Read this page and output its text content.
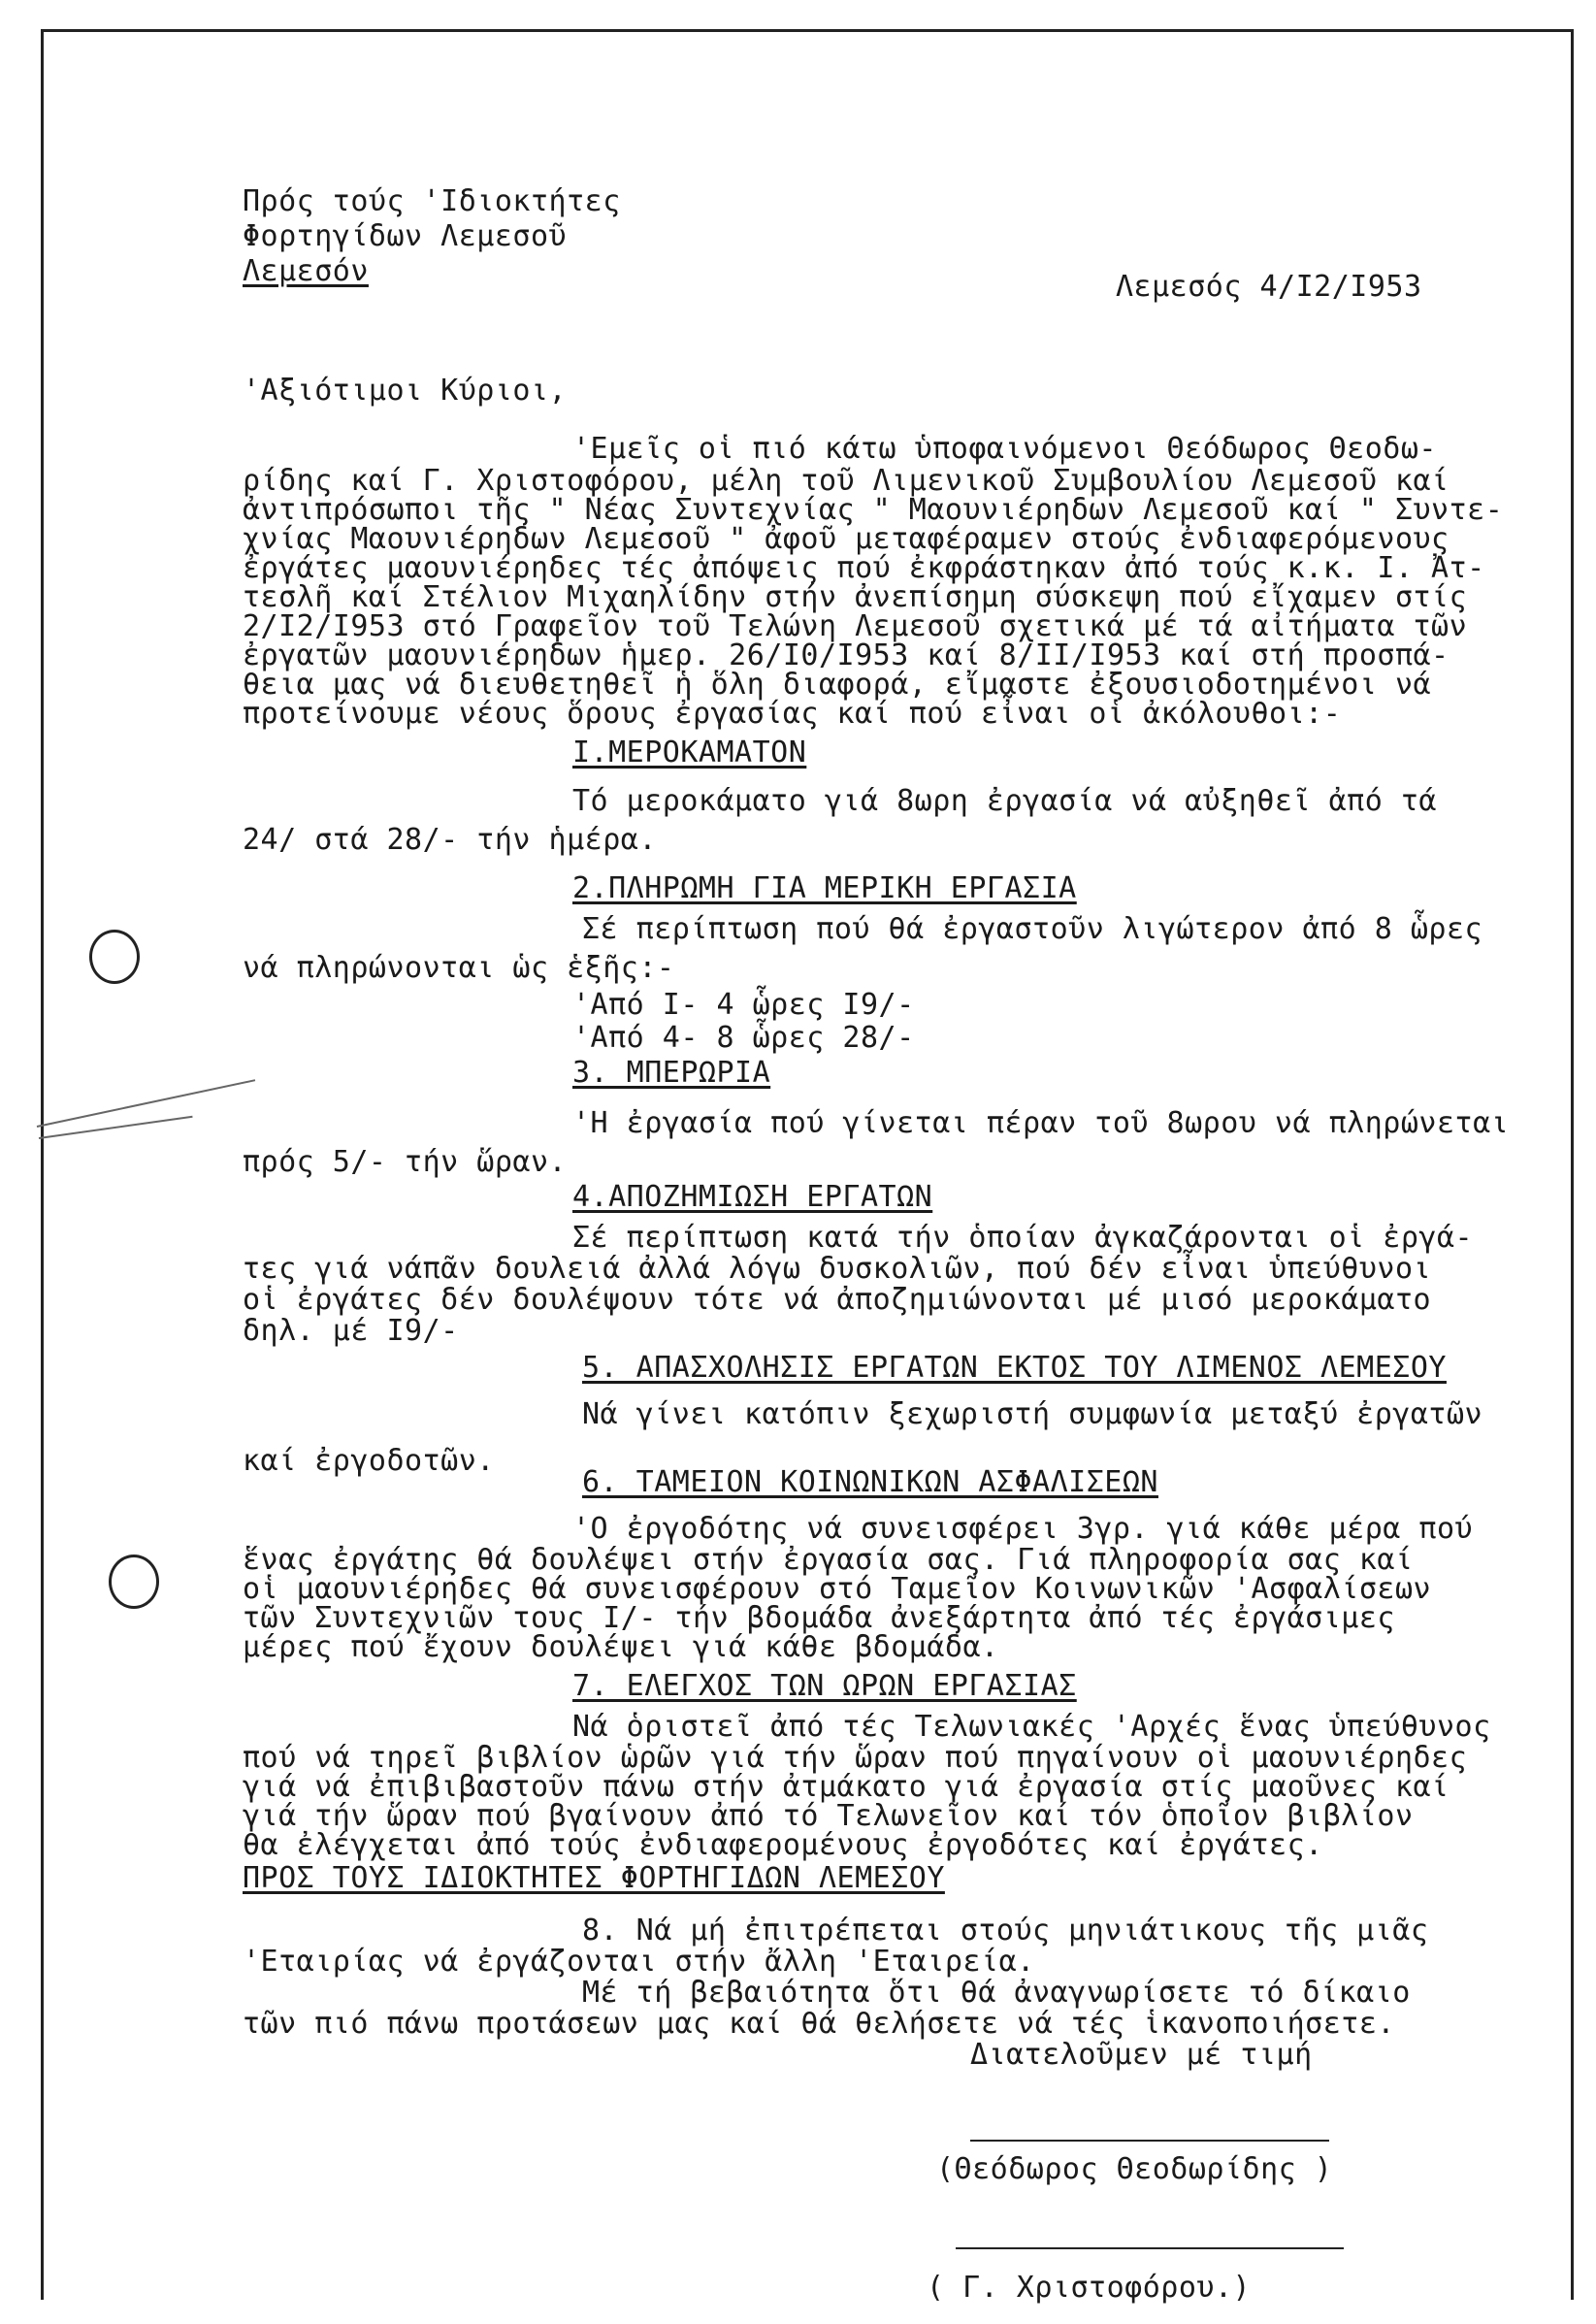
Πρός τούς 'Ιδιοκτήτες
Φορτηγίδων Λεμεσοῦ
Λεμεσόν	Λεμεσός 4/I2/I953
'Αξιότιμοι Κύριοι,
'Εμεῖς οἱ πιό κάτω ὑποφαινόμενοι Θεόδωρος Θεοδω-
ρίδης καί Γ. Χριστοφόρου, μέλη τοῦ Λιμενικοῦ Συμβουλίου Λεμεσοῦ καί
ἀντιπρόσωποι τῆς " Νέας Συντεχνίας " Μαουνιέρηδων Λεμεσοῦ καί " Συντε-
χνίας Μαουνιέρηδων Λεμεσοῦ " ἀφοῦ μεταφέραμεν στούς ἐνδιαφερόμενους
ἐργάτες μαουνιέρηδες τές ἀπόψεις πού ἐκφράστηκαν ἀπό τούς κ.κ. Ι. Ἀτ-
τεσλῆ καί Στέλιον Μιχαηλίδην στήν ἀνεπίσημη σύσκεψη πού εἴχαμεν στίς
2/I2/I953 στό Γραφεῖον τοῦ Τελώνη Λεμεσοῦ σχετικά μέ τά αἰτήματα τῶν
ἐργατῶν μαουνιέρηδων ἡμερ. 26/I0/I953 καί 8/II/I953 καί στή προσπά-
θεια μας νά διευθετηθεῖ ἡ ὅλη διαφορά, εἴμαστε ἐξουσιοδοτημένοι νά
προτείνουμε νέους ὅρους ἐργασίας καί πού εἶναι οἱ ἀκόλουθοι:-
I.ΜΕΡΟΚΑΜΑΤΟΝ
Τό μεροκάματο γιά 8ωρη ἐργασία νά αὐξηθεῖ ἀπό τά
24/ στά 28/- τήν ἡμέρα.
2.ΠΛΗΡΩΜΗ ΓΙΑ ΜΕΡΙΚΗ ΕΡΓΑΣΙΑ
Σέ περίπτωση πού θά ἐργαστοῦν λιγώτερον ἀπό 8 ὧρες
νά πληρώνονται ὡς ἑξῆς:-
'Από I- 4 ὧρες I9/-
'Από 4- 8 ὧρες 28/-
3. ΜΠΕΡΩΡΙΑ
'Η ἐργασία πού γίνεται πέραν τοῦ 8ωρου νά πληρώνεται
πρός 5/- τήν ὥραν.
4.ΑΠΟΖΗΜΙΩΣΗ ΕΡΓΑΤΩΝ
Σέ περίπτωση κατά τήν ὁποίαν ἀγκαζάρονται οἱ ἐργά-
τες γιά νάπᾶν δουλειά ἀλλά λόγω δυσκολιῶν, πού δέν εἶναι ὑπεύθυνοι
οἱ ἐργάτες δέν δουλέψουν τότε νά ἀποζημιώνονται μέ μισό μεροκάματο
δηλ. μέ I9/-
5. ΑΠΑΣΧΟΛΗΣΙΣ ΕΡΓΑΤΩΝ ΕΚΤΟΣ ΤΟΥ ΛΙΜΕΝΟΣ ΛΕΜΕΣΟΥ
Νά γίνει κατόπιν ξεχωριστή συμφωνία μεταξύ ἐργατῶν
καί ἐργοδοτῶν.
6. ΤΑΜΕΙΟΝ ΚΟΙΝΩΝΙΚΩΝ ΑΣΦΑΛΙΣΕΩΝ
'Ο ἐργοδότης νά συνεισφέρει 3γρ. γιά κάθε μέρα πού
ἕνας ἐργάτης θά δουλέψει στήν ἐργασία σας. Γιά πληροφορία σας καί
οἱ μαουνιέρηδες θά συνεισφέρουν στό Ταμεῖον Κοινωνικῶν 'Ασφαλίσεων
τῶν Συντεχνιῶν τους I/- τήν βδομάδα ἀνεξάρτητα ἀπό τές ἐργάσιμες
μέρες πού ἔχουν δουλέψει γιά κάθε βδομάδα.
7. ΕΛΕΓΧΟΣ ΤΩΝ ΩΡΩΝ ΕΡΓΑΣΙΑΣ
Νά ὁριστεῖ ἀπό τές Τελωνιακές 'Αρχές ἕνας ὑπεύθυνος
πού νά τηρεῖ βιβλίον ὡρῶν γιά τήν ὥραν πού πηγαίνουν οἱ μαουνιέρηδες
γιά νά ἐπιβιβαστοῦν πάνω στήν ἀτμάκατο γιά ἐργασία στίς μαοῦνες καί
γιά τήν ὥραν πού βγαίνουν ἀπό τό Τελωνεῖον καί τόν ὁποῖον βιβλίον
θα ἐλέγχεται ἀπό τούς ἐνδιαφερομένους ἐργοδότες καί ἐργάτες.
ΠΡΟΣ ΤΟΥΣ ΙΔΙΟΚΤΗΤΕΣ ΦΟΡΤΗΓΙΔΩΝ ΛΕΜΕΣΟΥ
8. Νά μή ἐπιτρέπεται στούς μηνιάτικους τῆς μιᾶς
'Εταιρίας νά ἐργάζονται στήν ἄλλη 'Εταιρεία.
Μέ τή βεβαιότητα ὅτι θά ἀναγνωρίσετε τό δίκαιο
τῶν πιό πάνω προτάσεων μας καί θά θελήσετε νά τές ἱκανοποιήσετε.
Διατελοῦμεν μέ τιμή
(Θεόδωρος Θεοδωρίδης )
( Γ. Χριστοφόρου.)
